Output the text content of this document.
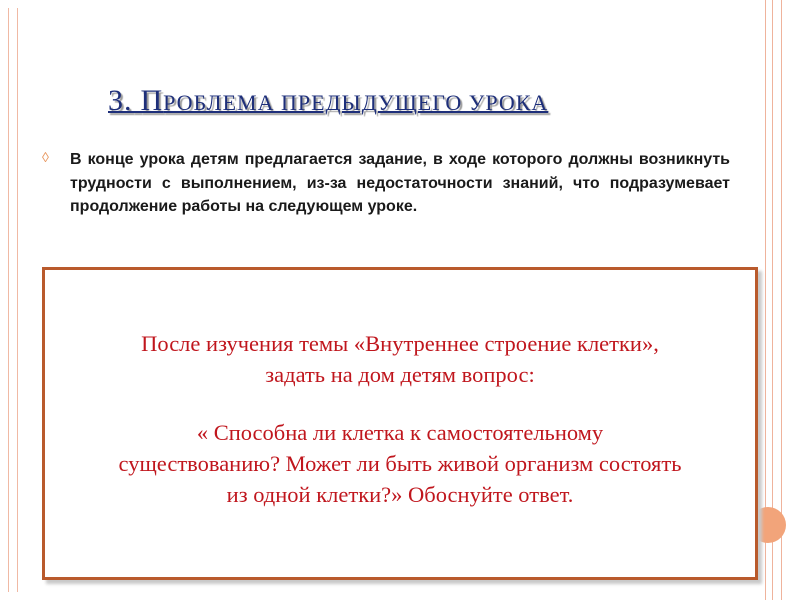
3. ПРОБЛЕМА ПРЕДЫДУЩЕГО УРОКА
◊ В конце урока детям предлагается задание, в ходе которого должны возникнуть трудности с выполнением, из-за недостаточности знаний, что подразумевает продолжение работы на следующем уроке.
После изучения темы «Внутреннее строение клетки»,
задать на дом детям вопрос:
« Способна ли клетка к самостоятельному
существованию? Может ли быть живой организм состоять
из одной клетки?» Обоснуйте ответ.
